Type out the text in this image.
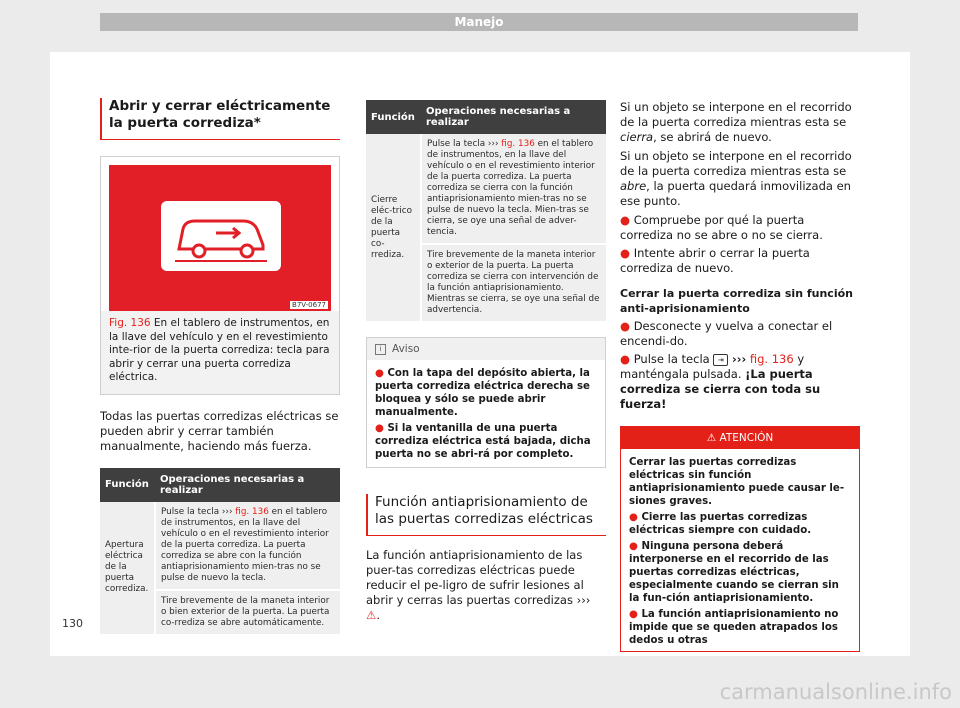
Manejo
Abrir y cerrar eléctricamente la puerta corrediza*
B7V-0677
Fig. 136 En el tablero de instrumentos, en la llave del vehículo y en el revestimiento inte-rior de la puerta corrediza: tecla para abrir y cerrar una puerta corrediza eléctrica.

Todas las puertas corredizas eléctricas se pueden abrir y cerrar también manualmente, haciendo más fuerza.

Función	Operaciones necesarias a realizar
Apertura eléctrica de la puerta corrediza.	Pulse la tecla ››› fig. 136 en el tablero de instrumentos, en la llave del vehículo o en el revestimiento interior de la puerta corrediza. La puerta corrediza se abre con la función antiaprisionamiento mien-tras no se pulse de nuevo la tecla.
	Tire brevemente de la maneta interior o bien exterior de la puerta. La puerta co-rrediza se abre automáticamente.
Función	Operaciones necesarias a realizar
Cierre eléc-trico de la puerta co-rrediza.	Pulse la tecla ››› fig. 136 en el tablero de instrumentos, en la llave del vehículo o en el revestimiento interior de la puerta corrediza. La puerta corrediza se cierra con la función antiaprisionamiento mien-tras no se pulse de nuevo la tecla. Mien-tras se cierra, se oye una señal de adver-tencia.
	Tire brevemente de la maneta interior o exterior de la puerta. La puerta corrediza se cierra con intervención de la función antiaprisionamiento. Mientras se cierra, se oye una señal de advertencia.
i	Aviso

● Con la tapa del depósito abierta, la puerta corrediza eléctrica derecha se bloquea y sólo se puede abrir manualmente.

● Si la ventanilla de una puerta corrediza eléctrica está bajada, dicha puerta no se abri-rá por completo.

Función antiaprisionamiento de las puertas corredizas eléctricas

La función antiaprisionamiento de las puer-tas corredizas eléctricas puede reducir el pe-ligro de sufrir lesiones al abrir y cerras las puertas corredizas ››› ⚠.

Si un objeto se interpone en el recorrido de la puerta corrediza mientras esta se cierra, se abrirá de nuevo.

Si un objeto se interpone en el recorrido de la puerta corrediza mientras esta se abre, la puerta quedará inmovilizada en ese punto.

● Compruebe por qué la puerta corrediza no se abre o no se cierra.

● Intente abrir o cerrar la puerta corrediza de nuevo.

Cerrar la puerta corrediza sin función anti-aprisionamiento

● Desconecte y vuelva a conectar el encendi-do.

● Pulse la tecla ⇥ ››› fig. 136 y manténgala pulsada. ¡La puerta corrediza se cierra con toda su fuerza!

⚠ ATENCIÓN

Cerrar las puertas corredizas eléctricas sin función antiaprisionamiento puede causar le-siones graves.

● Cierre las puertas corredizas eléctricas siempre con cuidado.

● Ninguna persona deberá interponerse en el recorrido de las puertas corredizas eléctricas, especialmente cuando se cierran sin la fun-ción antiaprisionamiento.

● La función antiaprisionamiento no impide que se queden atrapados los dedos u otras

130
carmanualsonline.info
